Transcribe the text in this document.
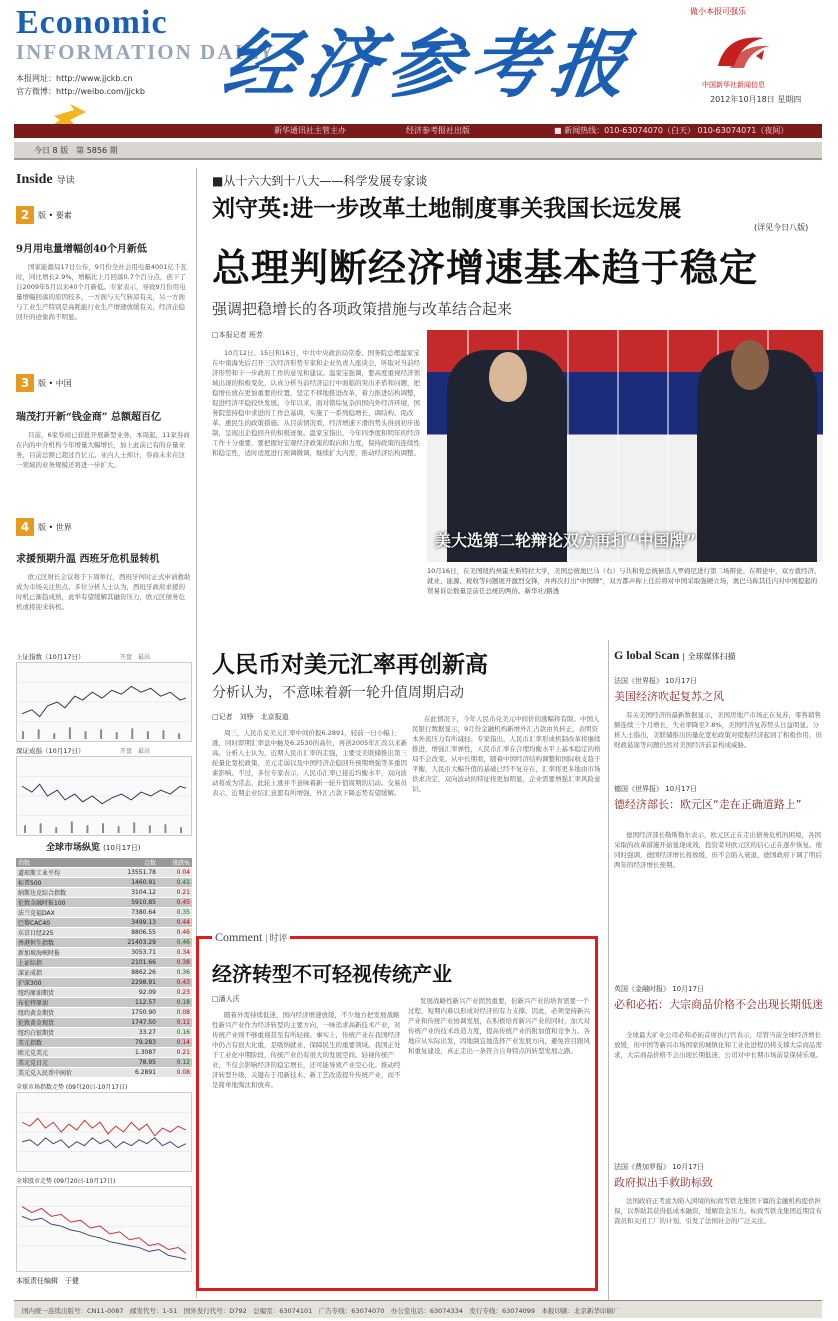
Economic
INFORMATION DAILY
本报网址：http://www.jjckb.cn
官方微博：http://weibo.com/jjckb 经济参考报
做小本报可强乐
中国新华社新闻信息
2012年10月18日 星期四
新华通讯社主管主办	经济参考报社出版	■ 新闻热线：010-63074070（白天） 010-63074071（夜间）
今日 8 版　第 5856 期
Inside 导读
2	版 • 要素
9月用电量增幅创40个月新低
国家能源局17日公布，9月份全社会用电量4001亿千瓦时，同比增长2.9%，增幅比上月回落0.7个百分点，创下了自2009年5月以来40个月新低。专家表示，导致9月份用电量增幅回落的原因较多，一方面与天气转凉有关，另一方面与工业生产特别是高耗能行业生产增速放缓有关，经济企稳回升的迹象尚不明显。
3	版 • 中国
瑞茂打开新“钱金商” 总额超百亿
目前，6家券商已获批开展新型业务，本周起，11家券商在内的中介机构今年增量大幅增长，加上此前已有的存量业务，目前总额已超过百亿元。业内人士预计，券商未来在这一领域的业务规模还将进一步扩大。
4	版 • 世界
求援预期升温 西班牙危机显转机
欧元区财长会议将于下周举行，西班牙何时正式申请救助成为市场关注焦点。多位分析人士认为，西班牙政府求援的时机已渐趋成熟，此举有望缓解其融资压力，欧元区债务危机或将迎来转机。
上证指数（10月17日）	开盘　最高
深证成指（10月17日）	开盘　最高
全球市场纵览 (10月17日)
指数	点数	涨跌%
道琼斯工业平均	13551.78	0.04
标普500	1460.91	0.41
纳斯达克综合指数	3104.12	0.21
伦敦金融时报100	5910.85	0.45
法兰克福DAX	7380.64	0.35
巴黎CAC40	3499.13	0.44
东京日经225	8806.55	0.46
香港恒生指数	21403.29	0.46
新加坡海峡时报	3053.71	0.34
上证综指	2101.66	0.38
深证成指	8862.26	0.36
沪深300	2298.91	0.43
纽约原油期货	92.09	0.23
布伦特原油	112.57	0.18
纽约黄金期货	1750.90	0.08
伦敦黄金现货	1747.50	0.11
纽约白银期货	33.27	0.16
美元指数	79.283	0.14
欧元兑美元	1.3087	0.21
美元兑日元	78.95	0.12
美元兑人民币中间价	6.2891	0.08
全球市场指数走势 (09月20日-10月17日)
全球股市走势 (09月20日-10月17日)
本版责任编辑　于健
■从十六大到十八大——科学发展专家谈
刘守英:进一步改革土地制度事关我国长远发展
(详见今日八版)
总理判断经济增速基本趋于稳定
强调把稳增长的各项政策措施与改革结合起来
□本报记者 班芳
10月12日、15日和16日，中共中央政治局常委、国务院总理温家宝在中南海先后召开三次经济形势专家和企业负责人座谈会，听取对当前经济形势和下一步政府工作的意见和建议。温家宝强调，要高度重视经济领域出现的积极变化，认真分析当前经济运行中面临的突出矛盾和问题，把稳增长放在更加重要的位置，坚定不移地推进改革，着力推进结构调整，促进经济平稳较快发展。今年以来，面对错综复杂的国内外经济环境，国务院坚持稳中求进的工作总基调，实施了一系列稳增长、调结构、促改革、惠民生的政策措施。从目前情况看，经济增速下滑的势头得到初步遏制，呈现出企稳回升的积极迹象。温家宝指出，今年四季度和明年的经济工作十分重要，要把握好宏观经济政策的取向和力度，保持政策的连续性和稳定性，适时适度进行预调微调，继续扩大内需，推动经济结构调整。
美大选第二轮辩论双方再打“中国牌”
10月16日，在美国纽约州霍夫斯特拉大学，美国总统奥巴马（右）与共和党总统候选人罗姆尼进行第二场辩论。在辩论中，双方就经济、就业、能源、税收等问题展开激烈交锋，并再次打出“中国牌”，双方都声称上任后将对中国采取强硬立场，奥巴马称其任内对中国提起的贸易诉讼数量是前任总统的两倍。新华社/路透
人民币对美元汇率再创新高
分析认为，不意味着新一轮升值周期启动
□记者　刘铮　北京报道
周三，人民币兑美元汇率中间价报6.2891，较前一日小幅上涨，同时即期汇率盘中触及6.2530的高位，再创2005年汇改以来新高。分析人士认为，近期人民币汇率的走强，主要受美联储推出第三轮量化宽松政策、美元走弱以及中国经济企稳回升预期增强等多重因素影响。不过，多位专家表示，人民币汇率已接近均衡水平，双向波动将成为常态，此轮上涨并不意味着新一轮升值周期的启动。交易员表示，近期企业结汇意愿有所增强，外汇占款下降态势有望缓解。
在此情况下，今年人民币兑美元中间价的涨幅将有限。中国人民银行数据显示，9月份金融机构新增外汇占款由负转正，表明资本外流压力有所减轻。专家指出，人民币汇率形成机制改革将继续推进，增强汇率弹性，人民币汇率在合理均衡水平上基本稳定的格局不会改变。从中长期看，随着中国经济结构调整和国际收支趋于平衡，人民币大幅升值的基础已经不复存在，汇率将更多地由市场供求决定，双向波动的特征将更加明显，企业需要增强汇率风险意识。
G lobal Scan | 全球媒体扫描
法国《世界报》 10月17日
美国经济吹起复苏之风
有关美国经济的最新数据显示，美国房地产市场正在复苏，零售销售额连续三个月增长，失业率降至7.8%，美国经济复苏势头日益明显。分析人士指出，美联储推出的量化宽松政策对提振经济起到了积极作用，但财政悬崖等问题仍然对美国经济前景构成威胁。
德国《世界报》 10月17日
德经济部长：欧元区“走在正确道路上”
德国经济部长勒斯勒尔表示，欧元区正在走出债务危机的困境，各国采取的改革措施开始显现成效，投资者对欧元区的信心正在逐步恢复。他同时强调，德国经济增长将放缓，但不会陷入衰退，德国政府下调了明后两年的经济增长预期。
英国《金融时报》 10月17日
必和必拓：大宗商品价格不会出现长期低迷
全球最大矿业公司必和必拓首席执行官表示，尽管当前全球经济增长放缓，但中国等新兴市场国家的城镇化和工业化进程仍将支撑大宗商品需求，大宗商品价格不会出现长期低迷，公司对中长期市场前景保持乐观。
法国《费加罗报》 10月17日
政府拟出手救助标致
法国政府正考虑为陷入困境的标致雪铁龙集团下属的金融机构提供担保，以帮助其获得低成本融资，缓解资金压力。标致雪铁龙集团近期宣布裁员和关闭工厂的计划，引发了法国社会的广泛关注。
Comment | 时评
经济转型不可轻视传统产业
□潘人沃
随着外需持续低迷，国内经济增速放缓，不少地方把发展战略性新兴产业作为经济转型的主要方向，一味追求高新技术产业，对传统产业则不够重视甚至有所轻视。事实上，传统产业在我国经济中仍占有很大比重，是吸纳就业、保障民生的重要领域。我国正处于工业化中期阶段，传统产业仍有很大的发展空间。轻视传统产业，不仅会影响经济的稳定增长，还可能导致产业空心化。推动经济转型升级，关键在于用新技术、新工艺改造提升传统产业，而不是简单地淘汰和放弃。
发展战略性新兴产业固然重要，但新兴产业的培育需要一个过程，短期内难以形成对经济的有力支撑。因此，必须坚持新兴产业和传统产业协调发展，在积极培育新兴产业的同时，加大对传统产业的技术改造力度，提高传统产业的附加值和竞争力。各地应从实际出发，因地制宜地选择产业发展方向，避免盲目跟风和重复建设，真正走出一条符合自身特点的转型发展之路。
国内统一连续出版号：CN11-0087　邮发代号：1-51　国外发行代号：D792　总编室：63074101　广告专线：63074070　办公室电话：63074334　发行专线：63074099　本报印刷：北京新华印刷厂
